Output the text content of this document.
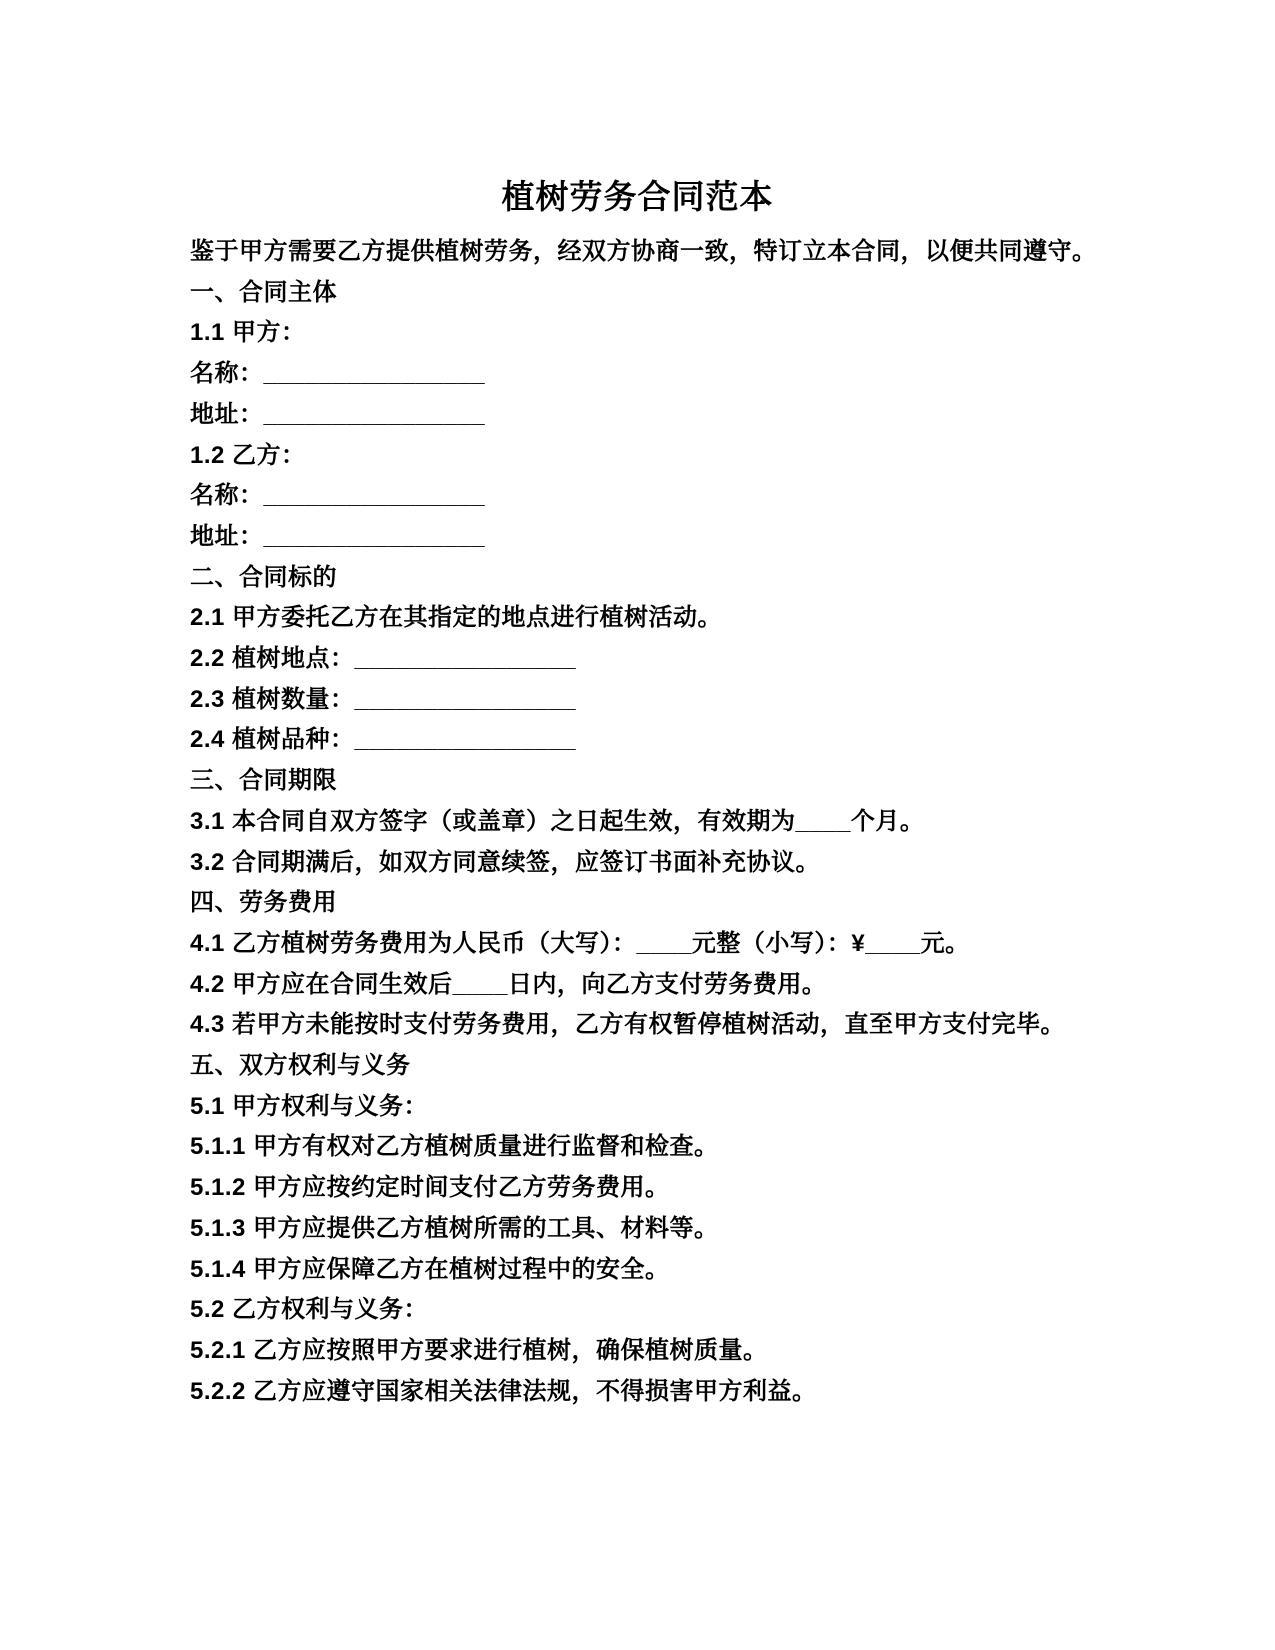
植树劳务合同范本

鉴于甲方需要乙方提供植树劳务，经双方协商一致，特订立本合同，以便共同遵守。

一、合同主体

1.1 甲方：

名称：________________

地址：________________

1.2 乙方：

名称：________________

地址：________________

二、合同标的

2.1 甲方委托乙方在其指定的地点进行植树活动。

2.2 植树地点：________________

2.3 植树数量：________________

2.4 植树品种：________________

三、合同期限

3.1 本合同自双方签字（或盖章）之日起生效，有效期为____个月。

3.2 合同期满后，如双方同意续签，应签订书面补充协议。

四、劳务费用

4.1 乙方植树劳务费用为人民币（大写）：____元整（小写）：¥____元。

4.2 甲方应在合同生效后____日内，向乙方支付劳务费用。

4.3 若甲方未能按时支付劳务费用，乙方有权暂停植树活动，直至甲方支付完毕。

五、双方权利与义务

5.1 甲方权利与义务：

5.1.1 甲方有权对乙方植树质量进行监督和检查。

5.1.2 甲方应按约定时间支付乙方劳务费用。

5.1.3 甲方应提供乙方植树所需的工具、材料等。

5.1.4 甲方应保障乙方在植树过程中的安全。

5.2 乙方权利与义务：

5.2.1 乙方应按照甲方要求进行植树，确保植树质量。

5.2.2 乙方应遵守国家相关法律法规，不得损害甲方利益。
